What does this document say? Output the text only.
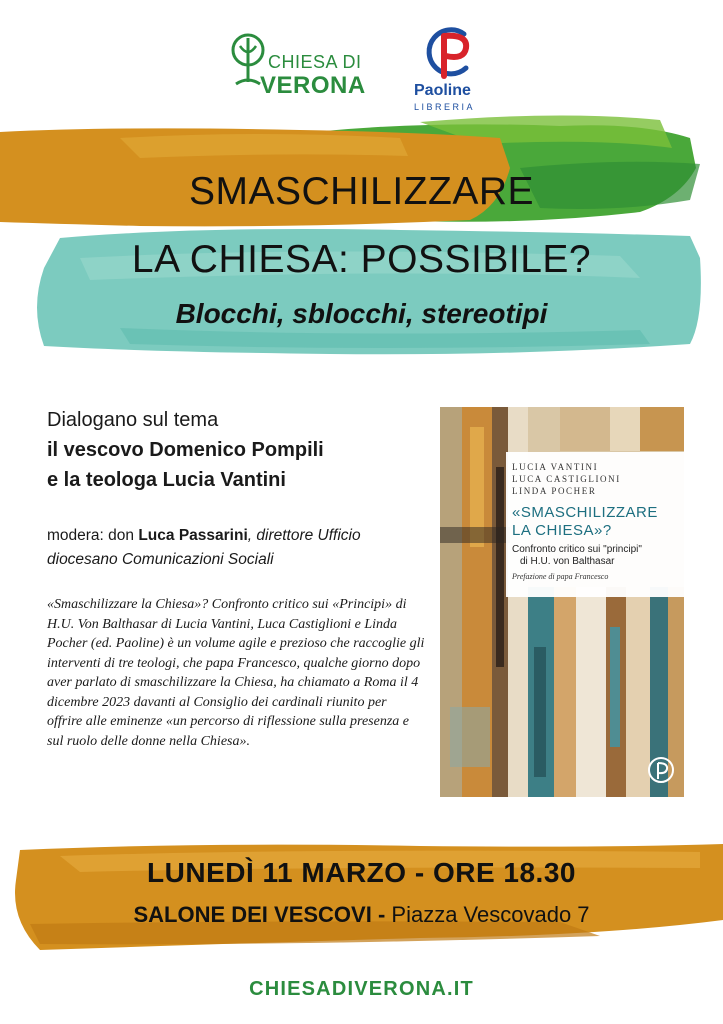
CHIESA DI
VERONA	Paoline
LIBRERIA
SMASCHILIZZARE
LA CHIESA: POSSIBILE?
Blocchi, sblocchi, stereotipi
Dialogano sul tema
il vescovo Domenico Pompili
e la teologa Lucia Vantini
modera: don Luca Passarini, direttore Ufficio diocesano Comunicazioni Sociali
«Smaschilizzare la Chiesa»? Confronto critico sui «Principi» di H.U. Von Balthasar di Lucia Vantini, Luca Castiglioni e Linda Pocher (ed. Paoline) è un volume agile e prezioso che raccoglie gli interventi di tre teologi, che papa Francesco, qualche giorno dopo aver parlato di smaschilizzare la Chiesa, ha chiamato a Roma il 4 dicembre 2023 davanti al Consiglio dei cardinali riunito per offrire alle eminenze «un percorso di riflessione sulla presenza e sul ruolo delle donne nella Chiesa».
LUCIA VANTINI
LUCA CASTIGLIONI
LINDA POCHER
«SMASCHILIZZARE
LA CHIESA»?
Confronto critico sui "principi"
di H.U. von Balthasar
Prefazione di papa Francesco
LUNEDÌ 11 MARZO - ORE 18.30
SALONE DEI VESCOVI - Piazza Vescovado 7
CHIESADIVERONA.IT
